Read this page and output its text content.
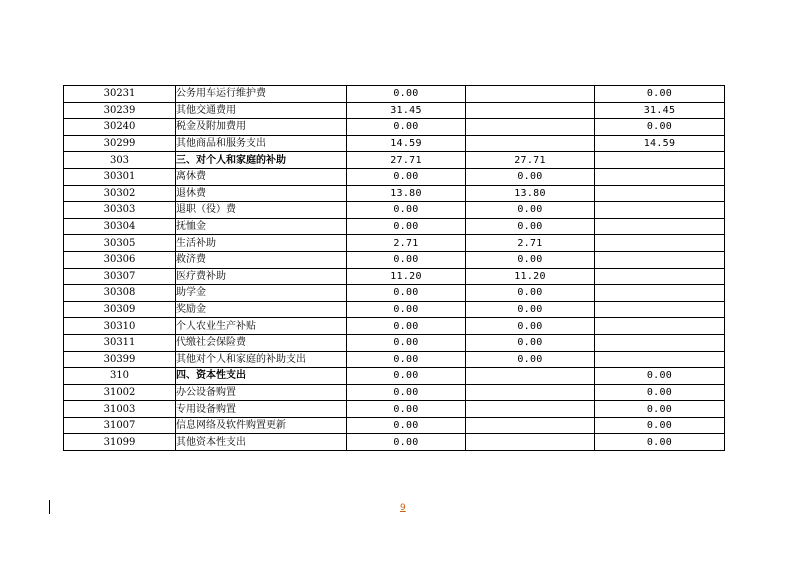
30231	公务用车运行维护费	0.00		0.00
30239	其他交通费用	31.45		31.45
30240	税金及附加费用	0.00		0.00
30299	其他商品和服务支出	14.59		14.59
303	三、对个人和家庭的补助	27.71	27.71	
30301	离休费	0.00	0.00	
30302	退休费	13.80	13.80	
30303	退职（役）费	0.00	0.00	
30304	抚恤金	0.00	0.00	
30305	生活补助	2.71	2.71	
30306	救济费	0.00	0.00	
30307	医疗费补助	11.20	11.20	
30308	助学金	0.00	0.00	
30309	奖励金	0.00	0.00	
30310	个人农业生产补贴	0.00	0.00	
30311	代缴社会保险费	0.00	0.00	
30399	其他对个人和家庭的补助支出	0.00	0.00	
310	四、资本性支出	0.00		0.00
31002	办公设备购置	0.00		0.00
31003	专用设备购置	0.00		0.00
31007	信息网络及软件购置更新	0.00		0.00
31099	其他资本性支出	0.00		0.00
9
